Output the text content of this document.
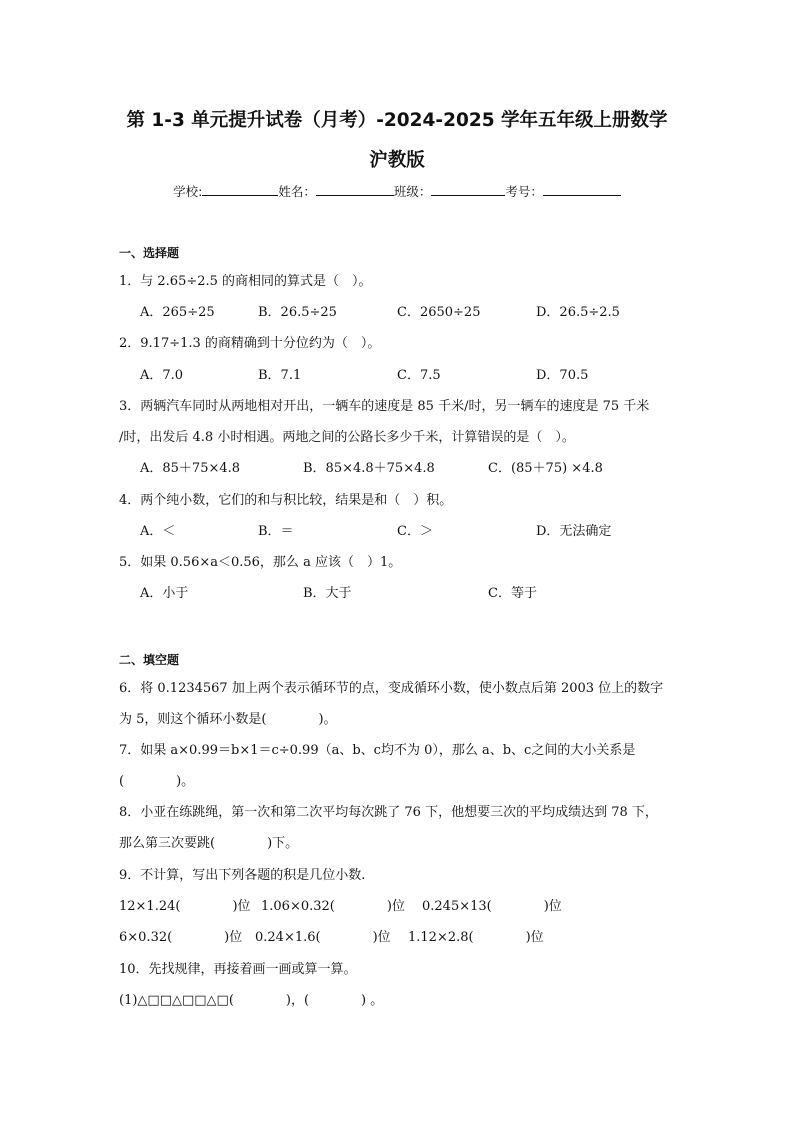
第 1-3 单元提升试卷（月考）-2024-2025 学年五年级上册数学
沪教版
学校:	姓名：	班级：	考号：
一、选择题
1．与 2.65÷2.5 的商相同的算式是（　）。
A．265÷25	B．26.5÷25	C．2650÷25	D．26.5÷2.5
2．9.17÷1.3 的商精确到十分位约为（　）。
A．7.0	B．7.1	C．7.5	D．70.5
3．两辆汽车同时从两地相对开出，一辆车的速度是 85 千米/时，另一辆车的速度是 75 千米
/时，出发后 4.8 小时相遇。两地之间的公路长多少千米，计算错误的是（　）。
A．85＋75×4.8	B．85×4.8＋75×4.8	C．(85＋75) ×4.8
4．两个纯小数，它们的和与积比较，结果是和（　）积。
A．＜	B．＝	C．＞	D．无法确定
5．如果 0.56×a＜0.56，那么 a 应该（　）1。
A．小于	B．大于	C．等于
二、填空题
6．将 0.1234567 加上两个表示循环节的点，变成循环小数，使小数点后第 2003 位上的数字
为 5，则这个循环小数是(　　　　)。
7．如果 a×0.99＝b×1＝c÷0.99（a、b、c均不为 0），那么 a、b、c之间的大小关系是
(　　　　)。
8．小亚在练跳绳，第一次和第二次平均每次跳了 76 下，他想要三次的平均成绩达到 78 下，
那么第三次要跳(　　　　)下。
9．不计算，写出下列各题的积是几位小数.
12×1.24(　　　　)位 1.06×0.32(　　　　)位 0.245×13(　　　　)位
6×0.32(　　　　)位 0.24×1.6(　　　　)位 1.12×2.8(　　　　)位
10．先找规律，再接着画一画或算一算。
(1)△□□△□□△□(　　　　)，(　　　　) 。
